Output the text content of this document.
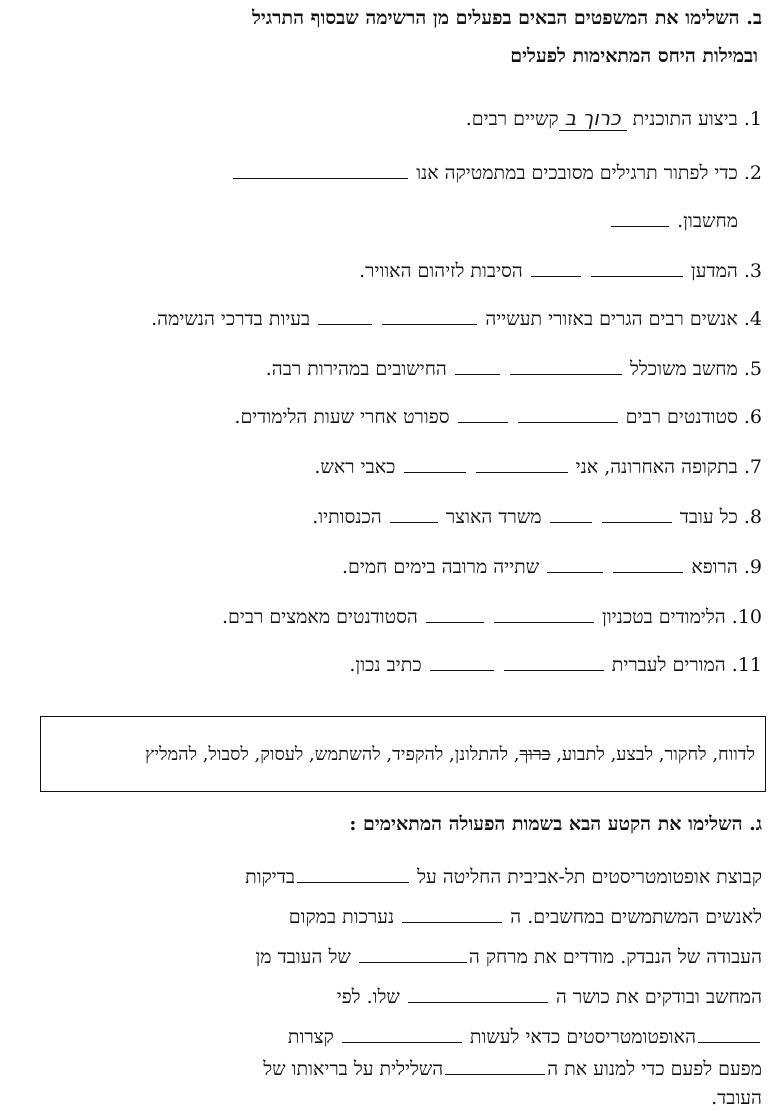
ב. השלימו את המשפטים הבאים בפעלים מן הרשימה שבסוף התרגיל
ובמילות היחס המתאימות לפעלים
1. ביצוע התוכנית כרוך בקשיים רבים.
2. כדי לפתור תרגילים מסובכים במתמטיקה אנו
מחשבון.
3. המדען   הסיבות לזיהום האוויר.
4. אנשים רבים הגרים באזורי תעשייה   בעיות בדרכי הנשימה.
5. מחשב משוכלל   החישובים במהירות רבה.
6. סטודנטים רבים   ספורט אחרי שעות הלימודים.
7. בתקופה האחרונה, אני   כאבי ראש.
8. כל עובד   משרד האוצר  הכנסותיו.
9. הרופא   שתייה מרובה בימים חמים.
10. הלימודים בטכניון   הסטודנטים מאמצים רבים.
11. המורים לעברית   כתיב נכון.
לדווח, לחקור, לבצע, לתבוע,

כרוך
, להתלונן, להקפיד, להשתמש, לעסוק, לסבול, להמליץ
ג. השלימו את הקטע הבא בשמות הפעולה המתאימים :
קבוצת אופטומטריסטים תל-אביבית החליטה על בדיקות
לאנשים המשתמשים במחשבים. ה  נערכות במקום
העבודה של הנבדק. מודדים את מרחק ה של העובד מן
המחשב ובודקים את כושר ה  שלו. לפי
האופטומטריסטים כדאי לעשות  קצרות
מפעם לפעם כדי למנוע את ההשלילית על בריאותו של
העובד.
